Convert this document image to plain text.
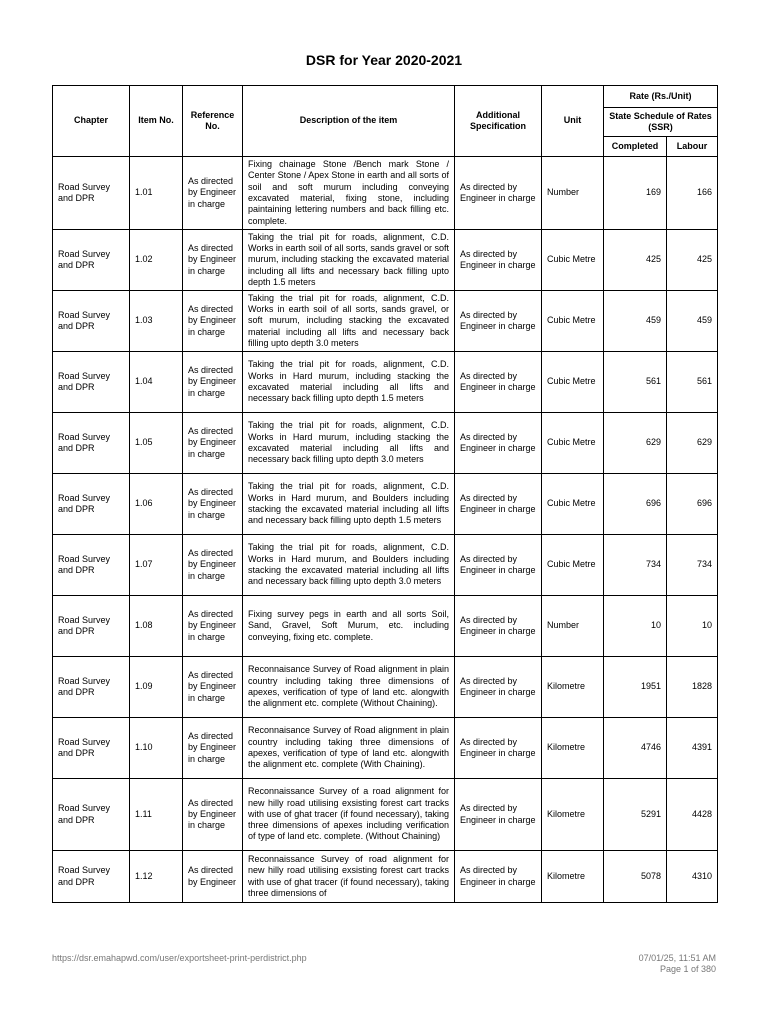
DSR for Year 2020-2021
Chapter	Item No.	Reference No.	Description of the item	Additional Specification	Unit	Rate (Rs./Unit)	
						State Schedule of Rates (SSR)	
						Completed	Labour
Road Survey and DPR	1.01	As directed by Engineer in charge	Fixing chainage Stone /Bench mark Stone / Center Stone / Apex Stone in earth and all sorts of soil and soft murum including conveying excavated material, fixing stone, including paintaining lettering numbers and back filling etc. complete.	As directed by Engineer in charge	Number	169	166
Road Survey and DPR	1.02	As directed by Engineer in charge	Taking the trial pit for roads, alignment, C.D. Works in earth soil of all sorts, sands gravel or soft murum, including stacking the excavated material including all lifts and necessary back filling upto depth 1.5 meters	As directed by Engineer in charge	Cubic Metre	425	425
Road Survey and DPR	1.03	As directed by Engineer in charge	Taking the trial pit for roads, alignment, C.D. Works in earth soil of all sorts, sands gravel, or soft murum, including stacking the excavated material including all lifts and necessary back filling upto depth 3.0 meters	As directed by Engineer in charge	Cubic Metre	459	459
Road Survey and DPR	1.04	As directed by Engineer in charge	Taking the trial pit for roads, alignment, C.D. Works in Hard murum, including stacking the excavated material including all lifts and necessary back filling upto depth 1.5 meters	As directed by Engineer in charge	Cubic Metre	561	561
Road Survey and DPR	1.05	As directed by Engineer in charge	Taking the trial pit for roads, alignment, C.D. Works in Hard murum, including stacking the excavated material including all lifts and necessary back filling upto depth 3.0 meters	As directed by Engineer in charge	Cubic Metre	629	629
Road Survey and DPR	1.06	As directed by Engineer in charge	Taking the trial pit for roads, alignment, C.D. Works in Hard murum, and Boulders including stacking the excavated material including all lifts and necessary back filling upto depth 1.5 meters	As directed by Engineer in charge	Cubic Metre	696	696
Road Survey and DPR	1.07	As directed by Engineer in charge	Taking the trial pit for roads, alignment, C.D. Works in Hard murum, and Boulders including stacking the excavated material including all lifts and necessary back filling upto depth 3.0 meters	As directed by Engineer in charge	Cubic Metre	734	734
Road Survey and DPR	1.08	As directed by Engineer in charge	Fixing survey pegs in earth and all sorts Soil, Sand, Gravel, Soft Murum, etc. including conveying, fixing etc. complete.	As directed by Engineer in charge	Number	10	10
Road Survey and DPR	1.09	As directed by Engineer in charge	Reconnaisance Survey of Road alignment in plain country including taking three dimensions of apexes, verification of type of land etc. alongwith the alignment etc. complete (Without Chaining).	As directed by Engineer in charge	Kilometre	1951	1828
Road Survey and DPR	1.10	As directed by Engineer in charge	Reconnaisance Survey of Road alignment in plain country including taking three dimensions of apexes, verification of type of land etc. alongwith the alignment etc. complete (With Chaining).	As directed by Engineer in charge	Kilometre	4746	4391
Road Survey and DPR	1.11	As directed by Engineer in charge	Reconnaissance Survey of a road alignment for new hilly road utilising exsisting forest cart tracks with use of ghat tracer (if found necessary), taking three dimensions of apexes including verification of type of land etc. complete. (Without Chaining)	As directed by Engineer in charge	Kilometre	5291	4428
Road Survey and DPR	1.12	As directed by Engineer	Reconnaissance Survey of road alignment for new hilly road utilising exsisting forest cart tracks with use of ghat tracer (if found necessary), taking three dimensions of	As directed by Engineer in charge	Kilometre	5078	4310
https://dsr.emahapwd.com/user/exportsheet-print-perdistrict.php	07/01/25, 11:51 AM
Page 1 of 380
